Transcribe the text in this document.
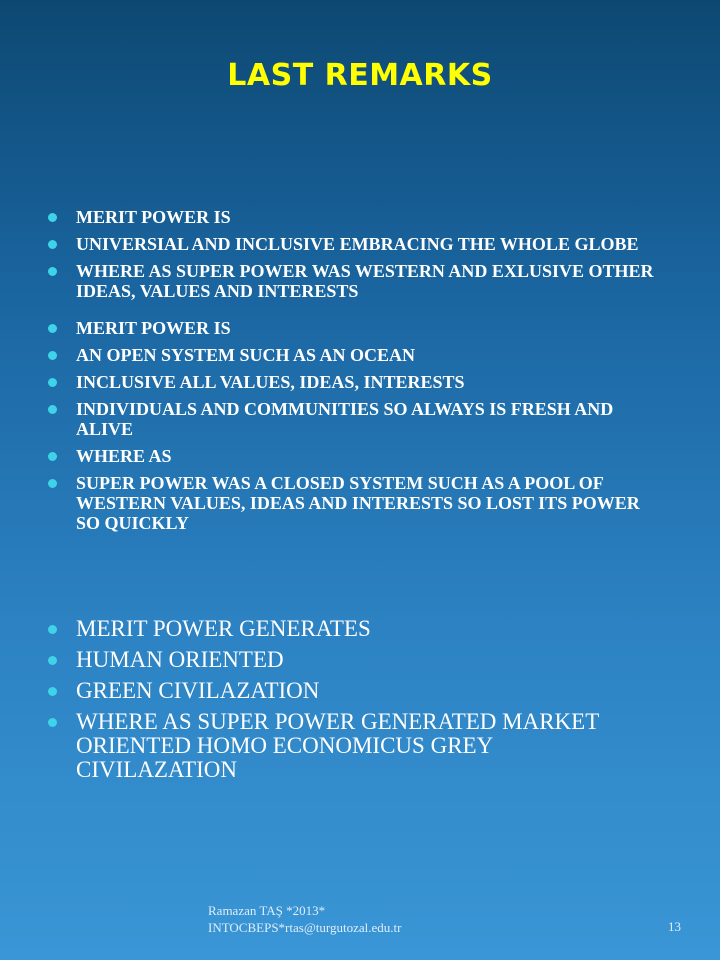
LAST REMARKS
MERIT POWER IS
UNIVERSIAL AND INCLUSIVE EMBRACING THE WHOLE GLOBE
WHERE AS SUPER POWER WAS WESTERN AND EXLUSIVE OTHER IDEAS, VALUES AND INTERESTS
MERIT POWER IS
AN OPEN SYSTEM SUCH AS AN OCEAN
INCLUSIVE ALL VALUES, IDEAS, INTERESTS
INDIVIDUALS AND COMMUNITIES SO ALWAYS IS FRESH AND ALIVE
WHERE AS
SUPER POWER WAS A CLOSED SYSTEM SUCH AS A POOL OF WESTERN VALUES, IDEAS AND INTERESTS SO LOST ITS POWER SO QUICKLY
MERIT POWER GENERATES
HUMAN ORIENTED
GREEN CIVILAZATION
WHERE AS SUPER POWER GENERATED MARKET ORIENTED HOMO ECONOMICUS GREY CIVILAZATION
Ramazan TAŞ *2013*
INTOCBEPS*rtas@turgutozal.edu.tr	13
